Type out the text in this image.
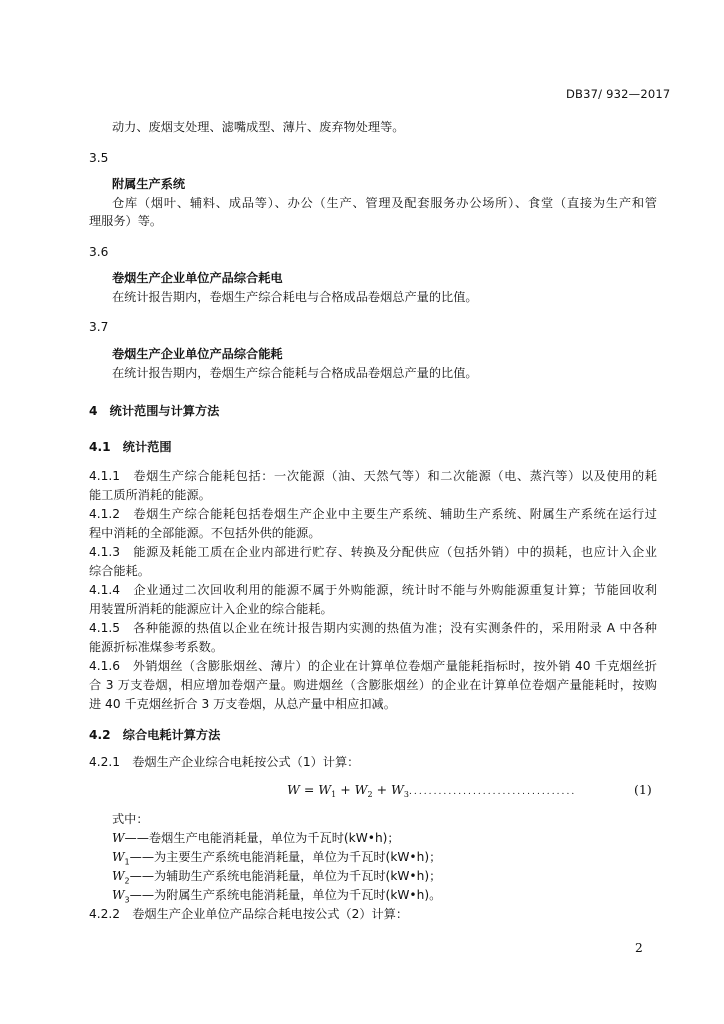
DB37/ 932—2017
动力、废烟支处理、滤嘴成型、薄片、废弃物处理等。
3.5
附属生产系统
仓库（烟叶、辅料、成品等）、办公（生产、管理及配套服务办公场所）、食堂（直接为生产和管
理服务）等。
3.6
卷烟生产企业单位产品综合耗电
在统计报告期内，卷烟生产综合耗电与合格成品卷烟总产量的比值。
3.7
卷烟生产企业单位产品综合能耗
在统计报告期内，卷烟生产综合能耗与合格成品卷烟总产量的比值。
4　统计范围与计算方法
4.1　统计范围
4.1.1　卷烟生产综合能耗包括：一次能源（油、天然气等）和二次能源（电、蒸汽等）以及使用的耗
能工质所消耗的能源。
4.1.2　卷烟生产综合能耗包括卷烟生产企业中主要生产系统、辅助生产系统、附属生产系统在运行过
程中消耗的全部能源。不包括外供的能源。
4.1.3　能源及耗能工质在企业内部进行贮存、转换及分配供应（包括外销）中的损耗，也应计入企业
综合能耗。
4.1.4　企业通过二次回收利用的能源不属于外购能源，统计时不能与外购能源重复计算；节能回收利
用装置所消耗的能源应计入企业的综合能耗。
4.1.5　各种能源的热值以企业在统计报告期内实测的热值为准；没有实测条件的，采用附录 A 中各种
能源折标准煤参考系数。
4.1.6　外销烟丝（含膨胀烟丝、薄片）的企业在计算单位卷烟产量能耗指标时，按外销 40 千克烟丝折
合 3 万支卷烟，相应增加卷烟产量。购进烟丝（含膨胀烟丝）的企业在计算单位卷烟产量能耗时，按购
进 40 千克烟丝折合 3 万支卷烟，从总产量中相应扣减。
4.2　综合电耗计算方法
4.2.1　卷烟生产企业综合电耗按公式（1）计算：
$W = W_1 + W_2 + W_3$. . . . . . . . . . . . . . . . . . . . . . . . . . . . . . . . . .	(1)
式中：
W——卷烟生产电能消耗量，单位为千瓦时(kW•h)；
$W_1——$为主要生产系统电能消耗量，单位为千瓦时(kW•h)；
$W_2——$为辅助生产系统电能消耗量，单位为千瓦时(kW•h)；
$W_3——$为附属生产系统电能消耗量，单位为千瓦时(kW•h)。
4.2.2　卷烟生产企业单位产品综合耗电按公式（2）计算：
2
